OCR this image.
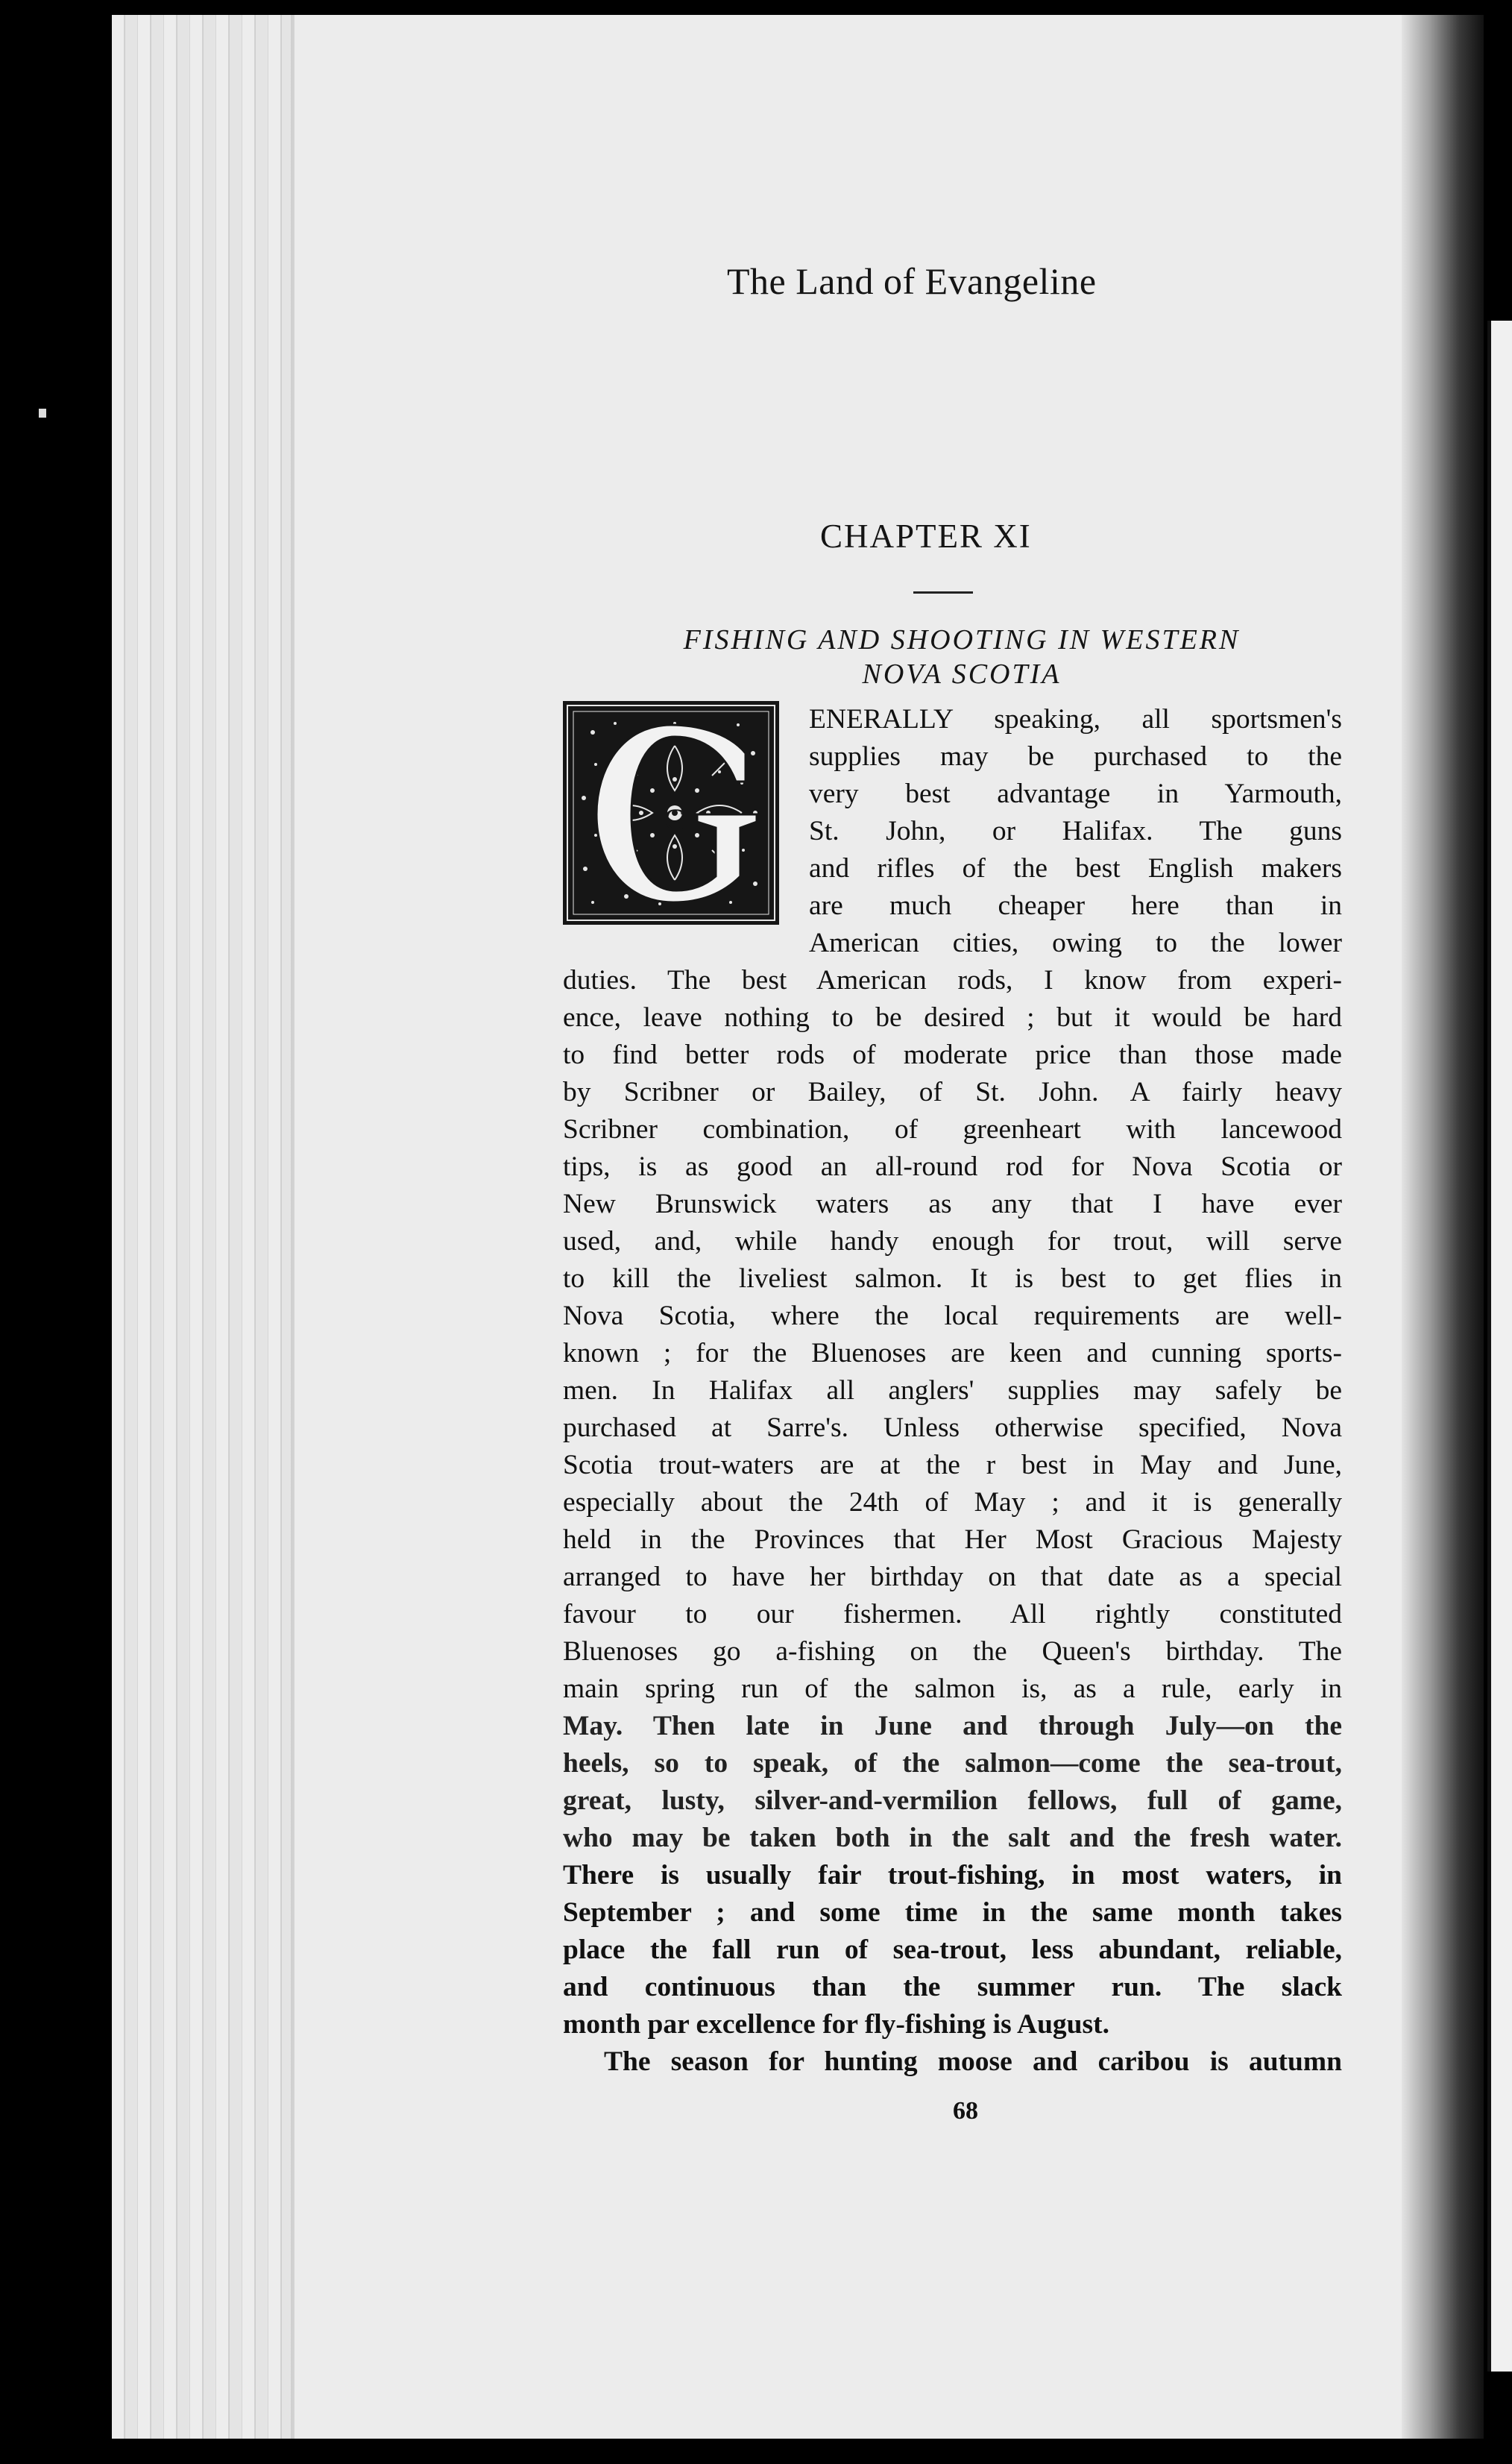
The Land of Evangeline
CHAPTER XI
FISHING AND SHOOTING IN WESTERN
NOVA SCOTIA
G
ENERALLY speaking, all sportsmen's
supplies may be purchased to the
very best advantage in Yarmouth,
St. John, or Halifax. The guns
and rifles of the best English makers
are much cheaper here than in
American cities, owing to the lower
duties. The best American rods, I know from experi-
ence, leave nothing to be desired ; but it would be hard
to find better rods of moderate price than those made
by Scribner or Bailey, of St. John. A fairly heavy
Scribner combination, of greenheart with lancewood
tips, is as good an all-round rod for Nova Scotia or
New Brunswick waters as any that I have ever
used, and, while handy enough for trout, will serve
to kill the liveliest salmon. It is best to get flies in
Nova Scotia, where the local requirements are well-
known ; for the Bluenoses are keen and cunning sports-
men. In Halifax all anglers' supplies may safely be
purchased at Sarre's. Unless otherwise specified, Nova
Scotia trout-waters are at the r best in May and June,
especially about the 24th of May ; and it is generally
held in the Provinces that Her Most Gracious Majesty
arranged to have her birthday on that date as a special
favour to our fishermen. All rightly constituted
Bluenoses go a-fishing on the Queen's birthday. The
main spring run of the salmon is, as a rule, early in
May. Then late in June and through July—on the
heels, so to speak, of the salmon—come the sea-trout,
great, lusty, silver-and-vermilion fellows, full of game,
who may be taken both in the salt and the fresh water.
There is usually fair trout-fishing, in most waters, in
September ; and some time in the same month takes
place the fall run of sea-trout, less abundant, reliable,
and continuous than the summer run. The slack
month par excellence for fly-fishing is August.
The season for hunting moose and caribou is autumn
68
